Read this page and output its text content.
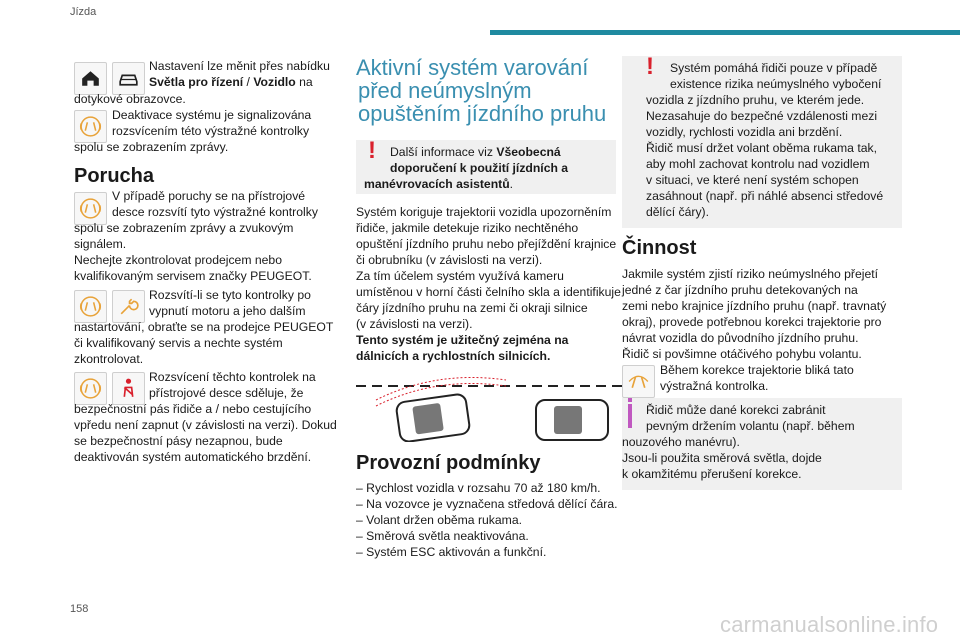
Jízda

Nastavení lze měnit přes nabídku

Světla pro řízení / Vozidlo na

dotykové obrazovce.

Deaktivace systému je signalizována

rozsvícením této výstražné kontrolky

spolu se zobrazením zprávy.

Porucha

V případě poruchy se na přístrojové

desce rozsvítí tyto výstražné kontrolky

spolu se zobrazením zprávy a zvukovým

signálem.

Nechejte zkontrolovat prodejcem nebo

kvalifikovaným servisem značky PEUGEOT.

Rozsvítí-li se tyto kontrolky po

vypnutí motoru a jeho dalším

nastartování, obraťte se na prodejce PEUGEOT

či kvalifikovaný servis a nechte systém

zkontrolovat.

Rozsvícení těchto kontrolek na

přístrojové desce sděluje, že

bezpečnostní pás řidiče a / nebo cestujícího

vpředu není zapnut (v závislosti na verzi). Dokud

se bezpečnostní pásy nezapnou, bude

deaktivován systém automatického brzdění.

Aktivní systém varování
před neúmyslným
opuštěním jízdního pruhu
! Další informace viz Všeobecná

doporučení k použití jízdních a

manévrovacích asistentů.

Systém koriguje trajektorii vozidla upozorněním

řidiče, jakmile detekuje riziko nechtěného

opuštění jízdního pruhu nebo přejíždění krajnice

či obrubníku (v závislosti na verzi).

Za tím účelem systém využívá kameru

umístěnou v horní části čelního skla a identifikuje

čáry jízdního pruhu na zemi či okraji silnice

(v závislosti na verzi).

Tento systém je užitečný zejména na

dálnicích a rychlostních silnicích.

Provozní podmínky

– Rychlost vozidla v rozsahu 70 až 180 km/h.

– Na vozovce je vyznačena středová dělící čára.

– Volant držen oběma rukama.

– Směrová světla neaktivována.

– Systém ESC aktivován a funkční.

! Systém pomáhá řidiči pouze v případě

existence rizika neúmyslného vybočení

vozidla z jízdního pruhu, ve kterém jede.

Nezasahuje do bezpečné vzdálenosti mezi

vozidly, rychlosti vozidla ani brzdění.

Řidič musí držet volant oběma rukama tak,

aby mohl zachovat kontrolu nad vozidlem

v situaci, ve které není systém schopen

zasáhnout (např. při náhlé absenci středové

dělící čáry).

Činnost

Jakmile systém zjistí riziko neúmyslného přejetí

jedné z čar jízdního pruhu detekovaných na

zemi nebo krajnice jízdního pruhu (např. travnatý

okraj), provede potřebnou korekci trajektorie pro

návrat vozidla do původního jízdního pruhu.

Řidič si povšimne otáčivého pohybu volantu.

Během korekce trajektorie bliká tato

výstražná kontrolka.

Řidič může dané korekci zabránit

pevným držením volantu (např. během

nouzového manévru).

Jsou-li použita směrová světla, dojde

k okamžitému přerušení korekce.

158
carmanualsonline.info
